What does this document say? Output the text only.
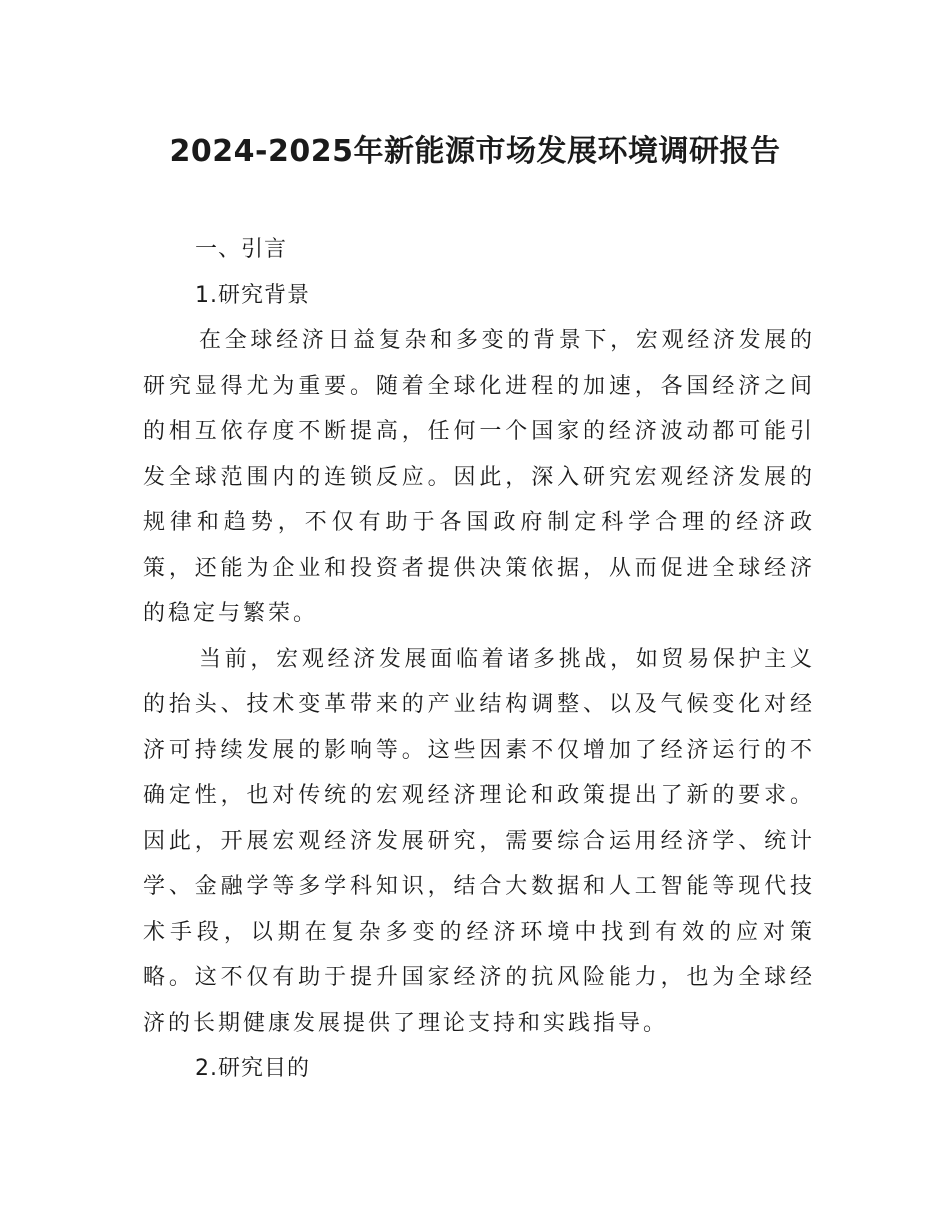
2024-2025年新能源市场发展环境调研报告

一、引言

1.研究背景

在全球经济日益复杂和多变的背景下，宏观经济发展的研究显得尤为重要。随着全球化进程的加速，各国经济之间的相互依存度不断提高，任何一个国家的经济波动都可能引发全球范围内的连锁反应。因此，深入研究宏观经济发展的规律和趋势，不仅有助于各国政府制定科学合理的经济政策，还能为企业和投资者提供决策依据，从而促进全球经济的稳定与繁荣。

当前，宏观经济发展面临着诸多挑战，如贸易保护主义的抬头、技术变革带来的产业结构调整、以及气候变化对经济可持续发展的影响等。这些因素不仅增加了经济运行的不确定性，也对传统的宏观经济理论和政策提出了新的要求。因此，开展宏观经济发展研究，需要综合运用经济学、统计学、金融学等多学科知识，结合大数据和人工智能等现代技术手段，以期在复杂多变的经济环境中找到有效的应对策略。这不仅有助于提升国家经济的抗风险能力，也为全球经济的长期健康发展提供了理论支持和实践指导。

2.研究目的
